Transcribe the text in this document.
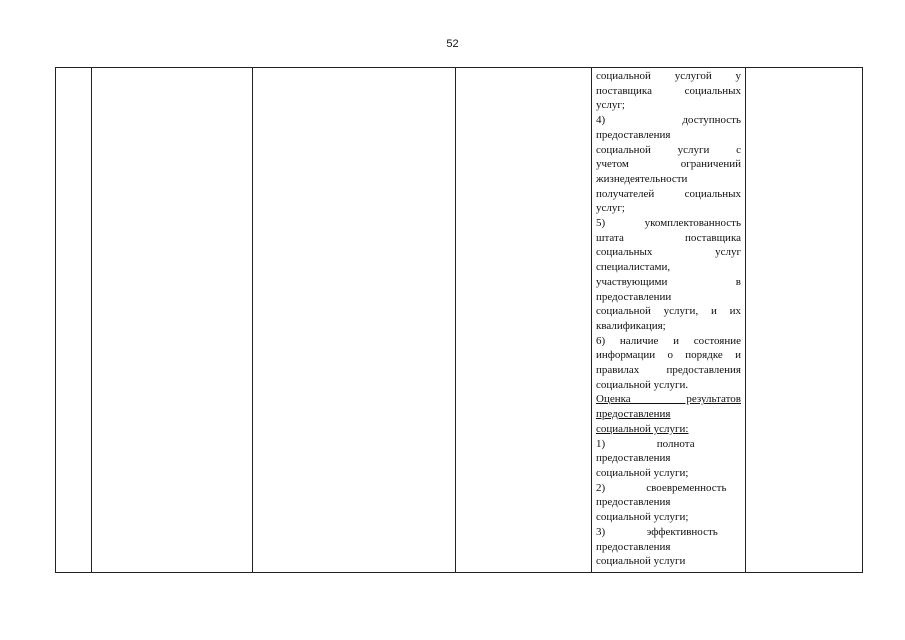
52

социальной услугой у
поставщика социальных
услуг;
4) доступность
предоставления
социальной услуги с
учетом ограничений
жизнедеятельности
получателей социальных
услуг;
5) укомплектованность
штата поставщика
социальных услуг
специалистами,
участвующими в
предоставлении
социальной услуги, и их
квалификация;
6) наличие и состояние
информации о порядке и
правилах предоставления
социальной услуги.
Оценка результатов
предоставления
социальной услуги:
1) полнота
предоставления
социальной услуги;
2) своевременность
предоставления
социальной услуги;
3) эффективность
предоставления
социальной услуги
